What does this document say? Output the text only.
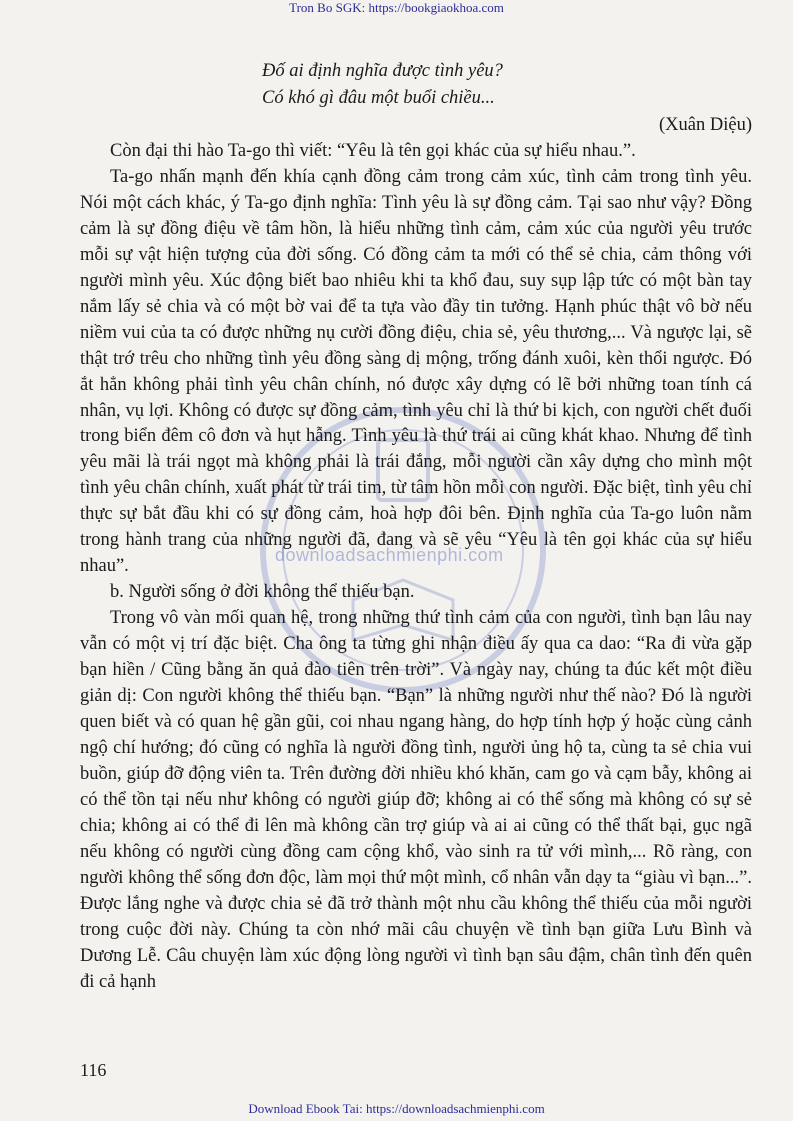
Tron Bo SGK: https://bookgiaokhoa.com
downloadsachmienphi.com
Đố ai định nghĩa được tình yêu?
Có khó gì đâu một buổi chiều...
(Xuân Diệu)

Còn đại thi hào Ta-go thì viết: “Yêu là tên gọi khác của sự hiểu nhau.”.

Ta-go nhấn mạnh đến khía cạnh đồng cảm trong cảm xúc, tình cảm trong tình yêu. Nói một cách khác, ý Ta-go định nghĩa: Tình yêu là sự đồng cảm. Tại sao như vậy? Đồng cảm là sự đồng điệu về tâm hồn, là hiểu những tình cảm, cảm xúc của người yêu trước mỗi sự vật hiện tượng của đời sống. Có đồng cảm ta mới có thể sẻ chia, cảm thông với người mình yêu. Xúc động biết bao nhiêu khi ta khổ đau, suy sụp lập tức có một bàn tay nắm lấy sẻ chia và có một bờ vai để ta tựa vào đầy tin tưởng. Hạnh phúc thật vô bờ nếu niềm vui của ta có được những nụ cười đồng điệu, chia sẻ, yêu thương,... Và ngược lại, sẽ thật trớ trêu cho những tình yêu đồng sàng dị mộng, trống đánh xuôi, kèn thổi ngược. Đó ắt hẳn không phải tình yêu chân chính, nó được xây dựng có lẽ bởi những toan tính cá nhân, vụ lợi. Không có được sự đồng cảm, tình yêu chỉ là thứ bi kịch, con người chết đuối trong biển đêm cô đơn và hụt hẫng. Tình yêu là thứ trái ai cũng khát khao. Nhưng để tình yêu mãi là trái ngọt mà không phải là trái đắng, mỗi người cần xây dựng cho mình một tình yêu chân chính, xuất phát từ trái tim, từ tâm hồn mỗi con người. Đặc biệt, tình yêu chỉ thực sự bắt đầu khi có sự đồng cảm, hoà hợp đôi bên. Định nghĩa của Ta-go luôn nằm trong hành trang của những người đã, đang và sẽ yêu “Yêu là tên gọi khác của sự hiểu nhau”.

b. Người sống ở đời không thể thiếu bạn.

Trong vô vàn mối quan hệ, trong những thứ tình cảm của con người, tình bạn lâu nay vẫn có một vị trí đặc biệt. Cha ông ta từng ghi nhận điều ấy qua ca dao: “Ra đi vừa gặp bạn hiền / Cũng bằng ăn quả đào tiên trên trời”. Và ngày nay, chúng ta đúc kết một điều giản dị: Con người không thể thiếu bạn. “Bạn” là những người như thế nào? Đó là người quen biết và có quan hệ gần gũi, coi nhau ngang hàng, do hợp tính hợp ý hoặc cùng cảnh ngộ chí hướng; đó cũng có nghĩa là người đồng tình, người ủng hộ ta, cùng ta sẻ chia vui buồn, giúp đỡ động viên ta. Trên đường đời nhiều khó khăn, cam go và cạm bẫy, không ai có thể tồn tại nếu như không có người giúp đỡ; không ai có thể sống mà không có sự sẻ chia; không ai có thể đi lên mà không cần trợ giúp và ai ai cũng có thể thất bại, gục ngã nếu không có người cùng đồng cam cộng khổ, vào sinh ra tử với mình,... Rõ ràng, con người không thể sống đơn độc, làm mọi thứ một mình, cổ nhân vẫn dạy ta “giàu vì bạn...”. Được lắng nghe và được chia sẻ đã trở thành một nhu cầu không thể thiếu của mỗi người trong cuộc đời này. Chúng ta còn nhớ mãi câu chuyện về tình bạn giữa Lưu Bình và Dương Lễ. Câu chuyện làm xúc động lòng người vì tình bạn sâu đậm, chân tình đến quên đi cả hạnh

116
Download Ebook Tai: https://downloadsachmienphi.com
